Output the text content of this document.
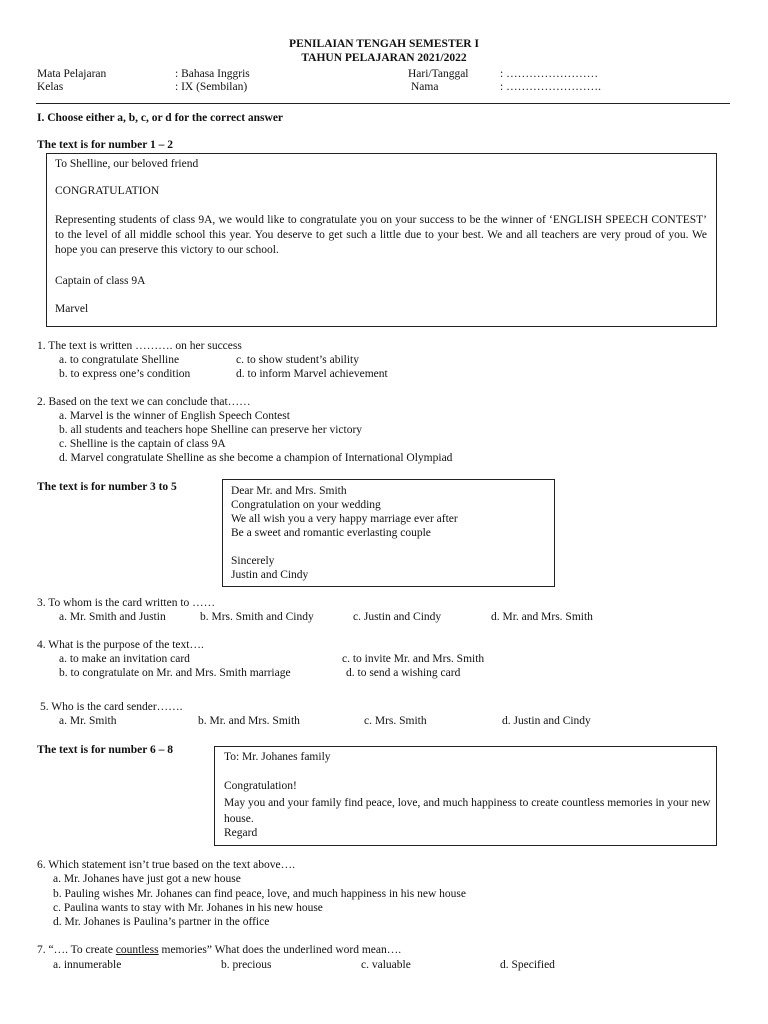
PENILAIAN TENGAH SEMESTER I
TAHUN PELAJARAN 2021/2022
Mata Pelajaran	: Bahasa Inggris	Hari/Tanggal	: ……………………
Kelas	: IX (Sembilan)	Nama	: …………………….
I. Choose either a, b, c, or d for the correct answer
The text is for number 1 – 2
To Shelline, our beloved friend
CONGRATULATION
Representing students of class 9A, we would like to congratulate you on your success to be the winner of ‘ENGLISH SPEECH CONTEST’ to the level of all middle school this year. You deserve to get such a little due to your best. We and all teachers are very proud of you. We hope you can preserve this victory to our school.
Captain of class 9A
Marvel
1. The text is written ………. on her success
a. to congratulate Shelline	c. to show student’s ability
b. to express one’s condition	d. to inform Marvel achievement
2. Based on the text we can conclude that……
a. Marvel is the winner of English Speech Contest
b. all students and teachers hope Shelline can preserve her victory
c. Shelline is the captain of class 9A
d. Marvel congratulate Shelline as she become a champion of International Olympiad
The text is for number 3 to 5	Dear Mr. and Mrs. Smith
Congratulation on your wedding
We all wish you a very happy marriage ever after
Be a sweet and romantic everlasting couple
Sincerely
Justin and Cindy
3. To whom is the card written to ……
a. Mr. Smith and Justin	b. Mrs. Smith and Cindy	c. Justin and Cindy	d. Mr. and Mrs. Smith
4. What is the purpose of the text….
a. to make an invitation card	c. to invite Mr. and Mrs. Smith
b. to congratulate on Mr. and Mrs. Smith marriage	d. to send a wishing card
5. Who is the card sender…….
a. Mr. Smith	b. Mr. and Mrs. Smith	c. Mrs. Smith	d. Justin and Cindy
The text is for number 6 – 8
To: Mr. Johanes family
Congratulation!
May you and your family find peace, love, and much happiness to create countless memories in your new house.
Regard
6. Which statement isn’t true based on the text above….
a. Mr. Johanes have just got a new house
b. Pauling wishes Mr. Johanes can find peace, love, and much happiness in his new house
c. Paulina wants to stay with Mr. Johanes in his new house
d. Mr. Johanes is Paulina’s partner in the office
7. “…. To create countless memories” What does the underlined word mean….
a. innumerable	b. precious	c. valuable	d. Specified
